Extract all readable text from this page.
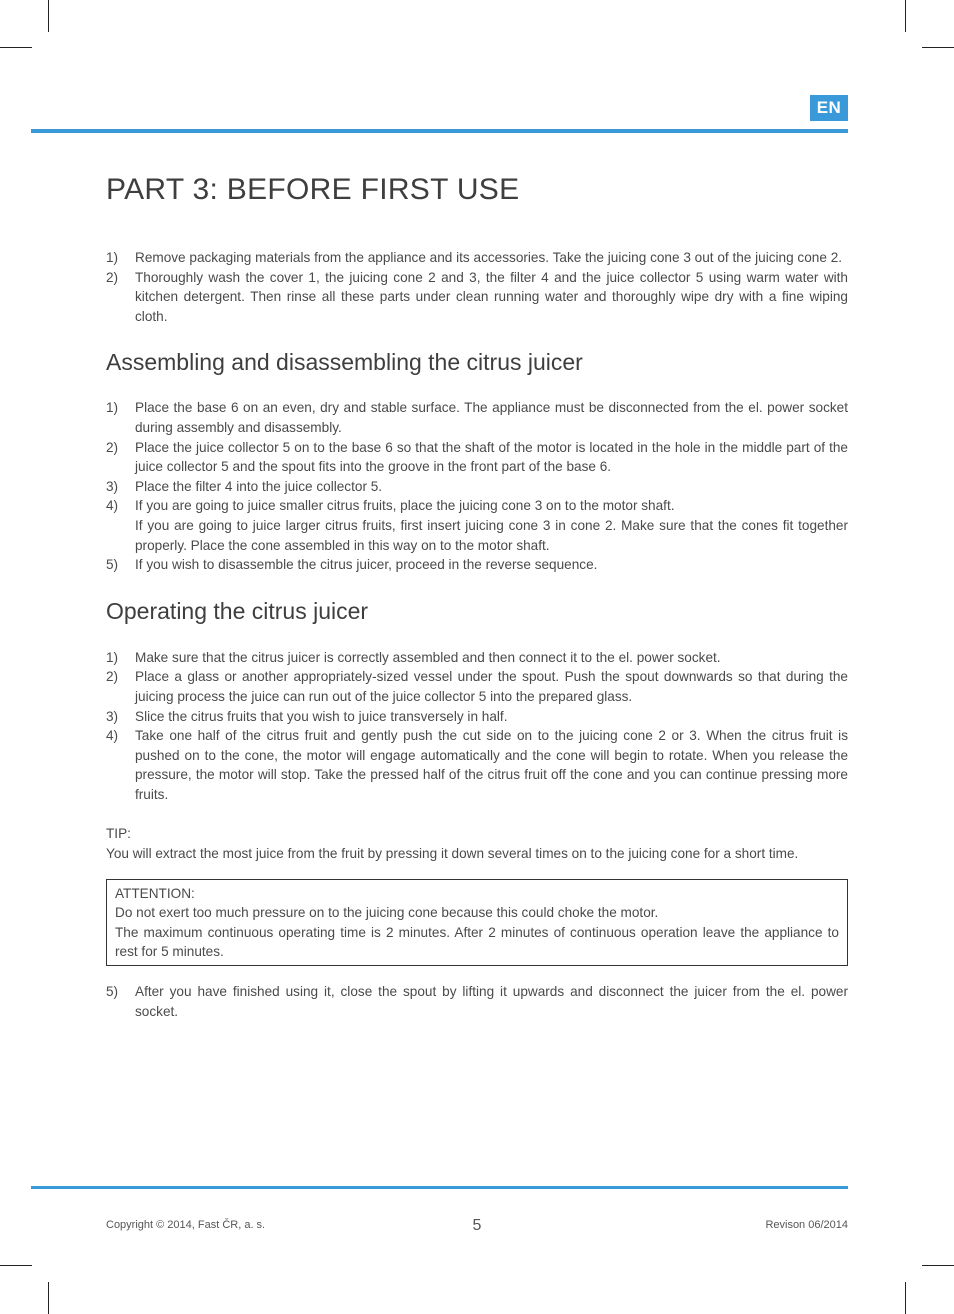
EN
PART 3: BEFORE FIRST USE
1) Remove packaging materials from the appliance and its accessories. Take the juicing cone 3 out of the juicing cone 2.
2) Thoroughly wash the cover 1, the juicing cone 2 and 3, the filter 4 and the juice collector 5 using warm water with kitchen detergent. Then rinse all these parts under clean running water and thoroughly wipe dry with a fine wiping cloth.
Assembling and disassembling the citrus juicer
1) Place the base 6 on an even, dry and stable surface. The appliance must be disconnected from the el. power socket during assembly and disassembly.
2) Place the juice collector 5 on to the base 6 so that the shaft of the motor is located in the hole in the middle part of the juice collector 5 and the spout fits into the groove in the front part of the base 6.
3) Place the filter 4 into the juice collector 5.
4) If you are going to juice smaller citrus fruits, place the juicing cone 3 on to the motor shaft.
If you are going to juice larger citrus fruits, first insert juicing cone 3 in cone 2. Make sure that the cones fit together properly. Place the cone assembled in this way on to the motor shaft.
5) If you wish to disassemble the citrus juicer, proceed in the reverse sequence.
Operating the citrus juicer
1) Make sure that the citrus juicer is correctly assembled and then connect it to the el. power socket.
2) Place a glass or another appropriately-sized vessel under the spout. Push the spout downwards so that during the juicing process the juice can run out of the juice collector 5 into the prepared glass.
3) Slice the citrus fruits that you wish to juice transversely in half.
4) Take one half of the citrus fruit and gently push the cut side on to the juicing cone 2 or 3. When the citrus fruit is pushed on to the cone, the motor will engage automatically and the cone will begin to rotate. When you release the pressure, the motor will stop. Take the pressed half of the citrus fruit off the cone and you can continue pressing more fruits.

TIP:

You will extract the most juice from the fruit by pressing it down several times on to the juicing cone for a short time.

ATTENTION:

Do not exert too much pressure on to the juicing cone because this could choke the motor.

The maximum continuous operating time is 2 minutes. After 2 minutes of continuous operation leave the appliance to rest for 5 minutes.

5) After you have finished using it, close the spout by lifting it upwards and disconnect the juicer from the el. power socket.
Copyright © 2014, Fast ČR, a. s.	5	Revison 06/2014
